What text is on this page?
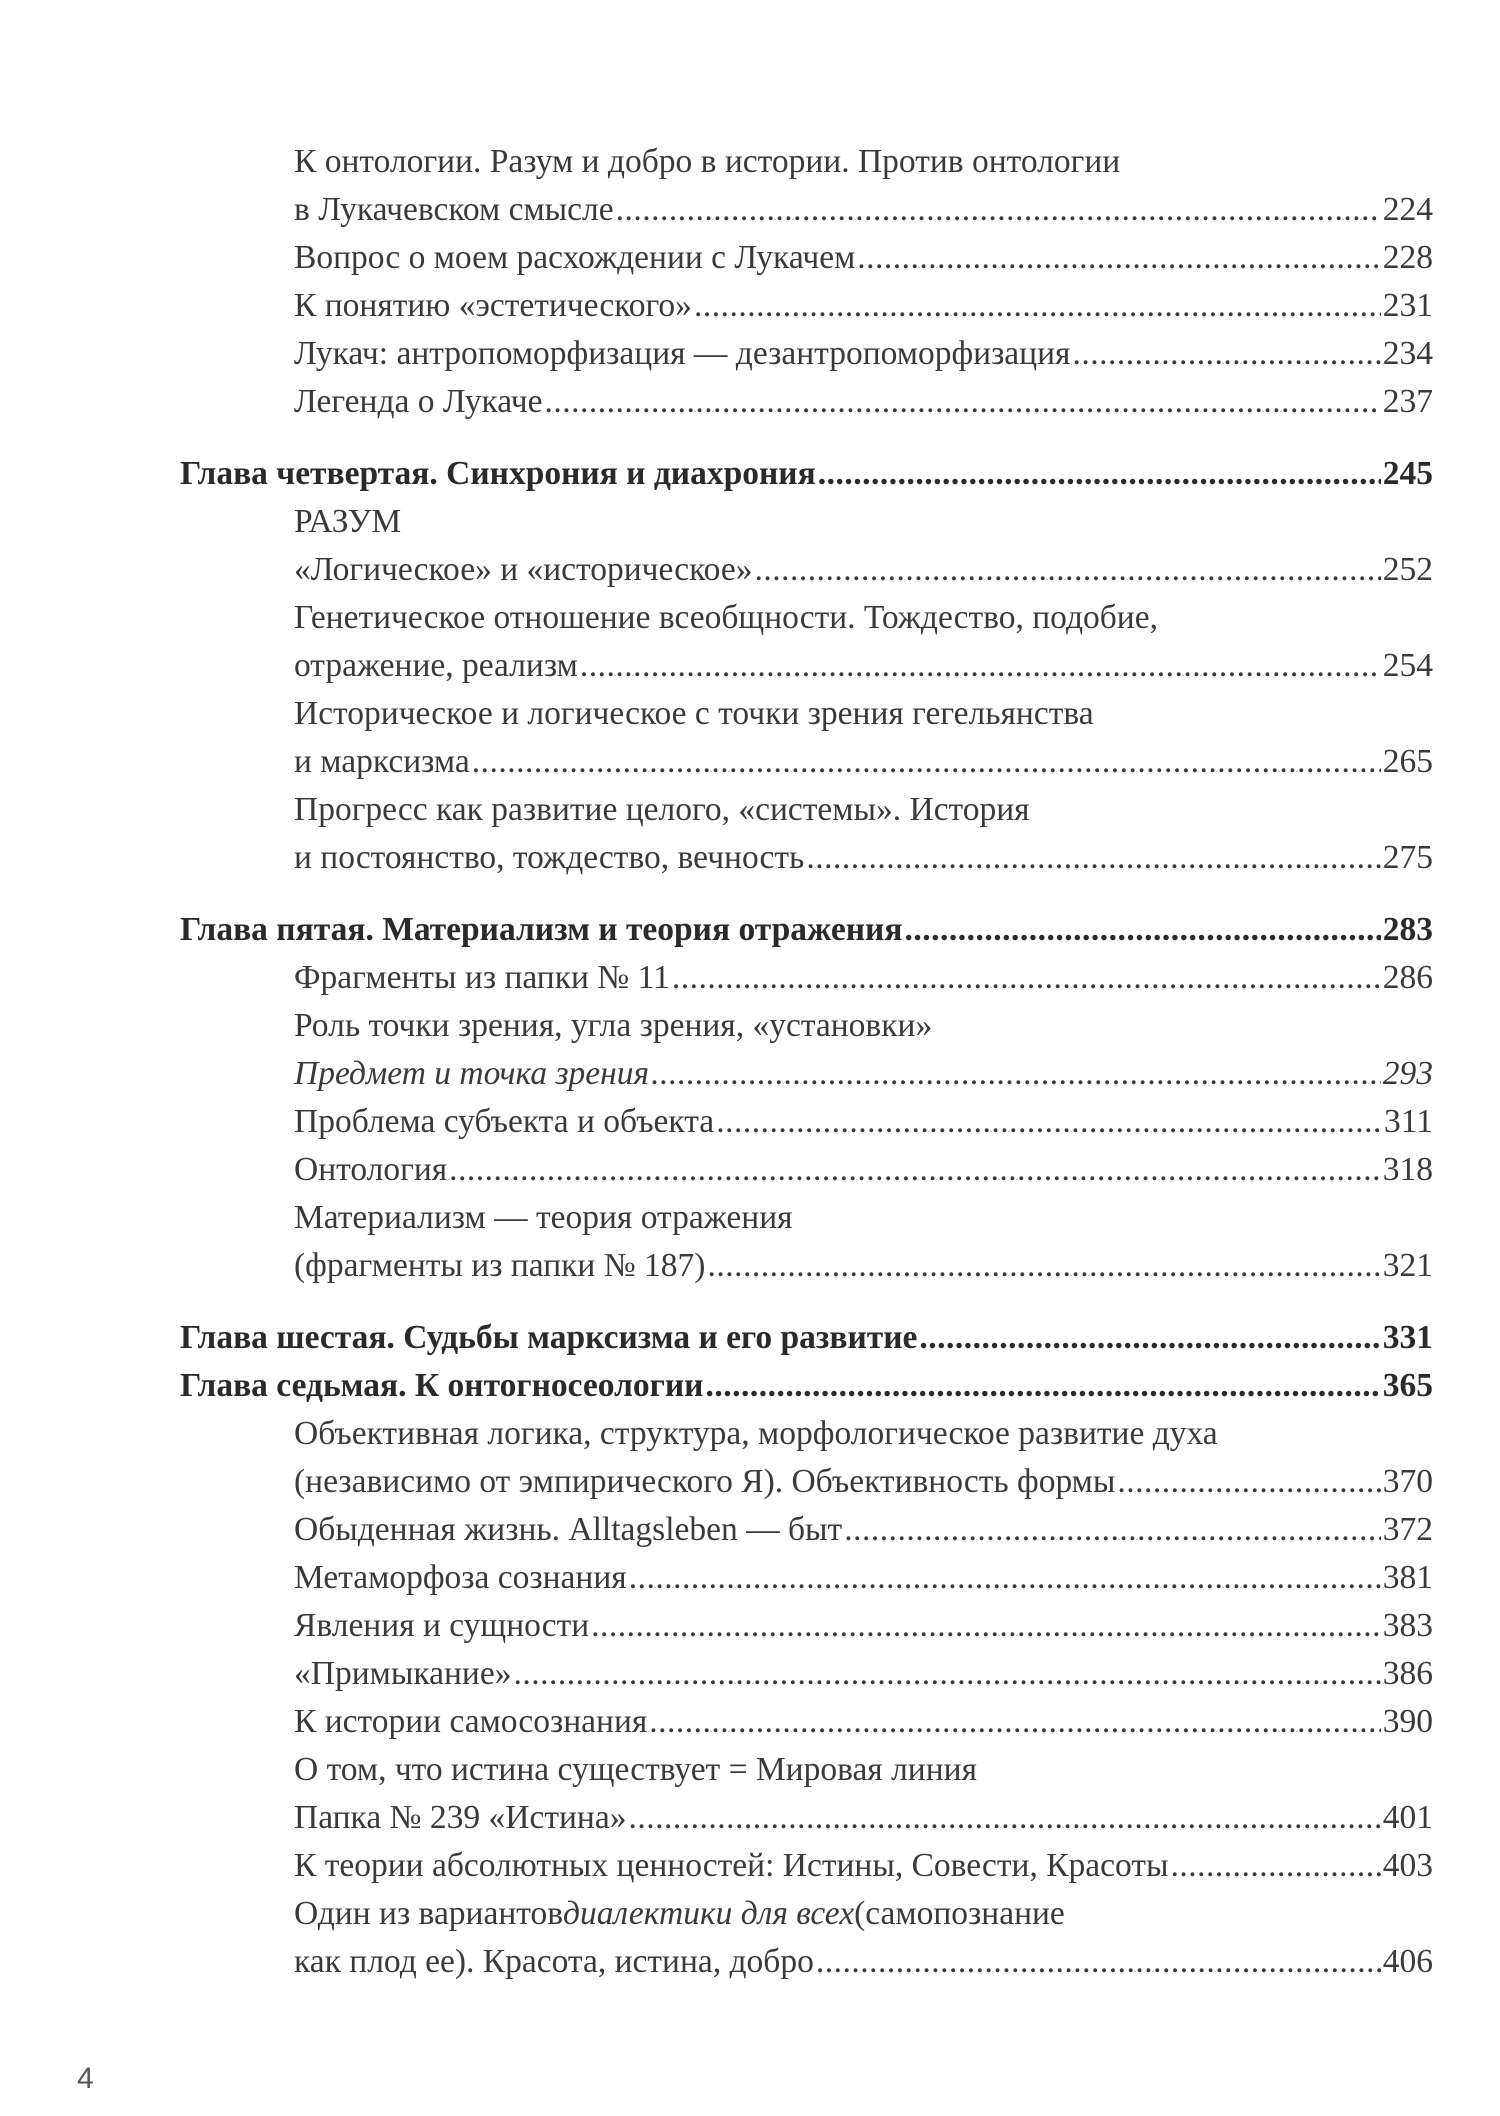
К онтологии. Разум и добро в истории. Против онтологии
в Лукачевском смысле .....	224
Вопрос о моем расхождении с Лукачем .....	228
К понятию «эстетического» .....	231
Лукач: антропоморфизация — дезантропоморфизация .....	234
Легенда о Лукаче .....	237
Глава четвертая. Синхрония и диахрония .....	245
РАЗУМ
«Логическое» и «историческое» .....	252
Генетическое отношение всеобщности. Тождество, подобие,
отражение, реализм .....	254
Историческое и логическое с точки зрения гегельянства
и марксизма .....	265
Прогресс как развитие целого, «системы». История
и постоянство, тождество, вечность .....	275
Глава пятая. Материализм и теория отражения .....	283
Фрагменты из папки № 11 .....	286
Роль точки зрения, угла зрения, «установки»
Предмет и точка зрения .....	293
Проблема субъекта и объекта .....	311
Онтология .....	318
Материализм — теория отражения
(фрагменты из папки № 187) .....	321
Глава шестая. Судьбы марксизма и его развитие .....	331
Глава седьмая. К онтогносеологии .....	365
Объективная логика, структура, морфологическое развитие духа
(независимо от эмпирического Я). Объективность формы .....	370
Обыденная жизнь. Alltagsleben — быт .....	372
Метаморфоза сознания .....	381
Явления и сущности .....	383
«Примыкание» .....	386
К истории самосознания .....	390
О том, что истина существует = Мировая линия
Папка № 239 «Истина» .....	401
К теории абсолютных ценностей: Истины, Совести, Красоты .....	403
Один из вариантов диалектики для всех (самопознание
как плод ее). Красота, истина, добро .....	406
4
